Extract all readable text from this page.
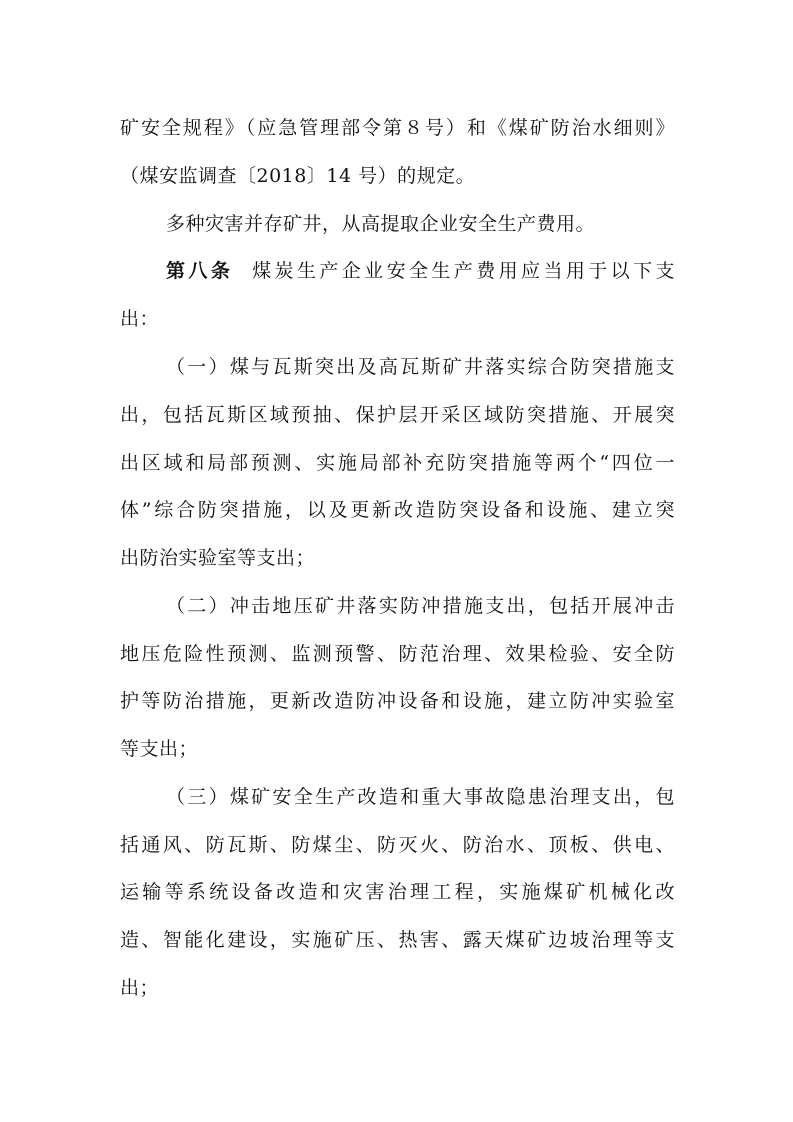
矿安全规程》（应急管理部令第８号）和《煤矿防治水细则》
（煤安监调查〔2018〕14 号）的规定。
多种灾害并存矿井，从高提取企业安全生产费用。
第八条 煤炭生产企业安全生产费用应当用于以下支
出：
（一）煤与瓦斯突出及高瓦斯矿井落实综合防突措施支
出，包括瓦斯区域预抽、保护层开采区域防突措施、开展突
出区域和局部预测、实施局部补充防突措施等两个“四位一
体”综合防突措施，以及更新改造防突设备和设施、建立突
出防治实验室等支出；
（二）冲击地压矿井落实防冲措施支出，包括开展冲击
地压危险性预测、监测预警、防范治理、效果检验、安全防
护等防治措施，更新改造防冲设备和设施，建立防冲实验室
等支出；
（三）煤矿安全生产改造和重大事故隐患治理支出，包
括通风、防瓦斯、防煤尘、防灭火、防治水、顶板、供电、
运输等系统设备改造和灾害治理工程，实施煤矿机械化改
造、智能化建设，实施矿压、热害、露天煤矿边坡治理等支
出；
